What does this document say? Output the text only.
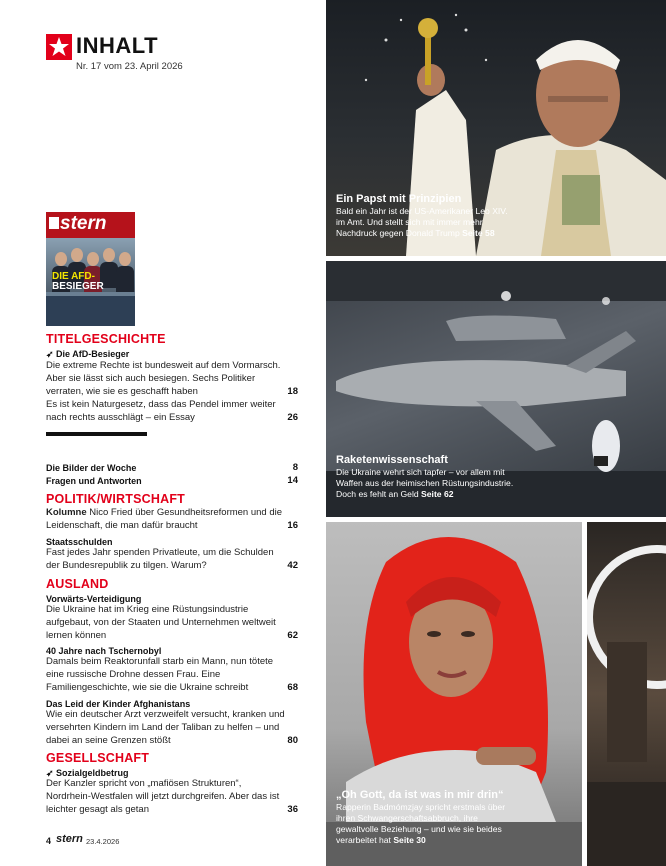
INHALT
Nr. 17 vom 23. April 2026
stern
DIE AFD-
BESIEGER
TITELGESCHICHTE
➶ Die AfD-Besieger
Die extreme Rechte ist bundesweit auf dem Vormarsch. Aber sie lässt sich auch besiegen. Sechs Politiker verraten, wie sie es geschafft haben	18
Es ist kein Naturgesetz, dass das Pendel immer weiter nach rechts ausschlägt – ein Essay	26
Die Bilder der Woche	8
Fragen und Antworten	14
POLITIK/WIRTSCHAFT
Kolumne Nico Fried über Gesundheitsreformen und die Leidenschaft, die man dafür braucht	16
Staatsschulden
Fast jedes Jahr spenden Privatleute, um die Schulden der Bundesrepublik zu tilgen. Warum?	42
AUSLAND
Vorwärts-Verteidigung
Die Ukraine hat im Krieg eine Rüstungsindustrie aufgebaut, von der Staaten und Unternehmen weltweit lernen können	62
40 Jahre nach Tschernobyl
Damals beim Reaktorunfall starb ein Mann, nun tötete eine russische Drohne dessen Frau. Eine Familiengeschichte, wie sie die Ukraine schreibt	68
Das Leid der Kinder Afghanistans
Wie ein deutscher Arzt verzweifelt versucht, kranken und versehrten Kindern im Land der Taliban zu helfen – und dabei an seine Grenzen stößt	80
GESELLSCHAFT
➶ Sozialgeldbetrug
Der Kanzler spricht von „mafiösen Strukturen“, Nordrhein-Westfalen will jetzt durchgreifen. Aber das ist leichter gesagt als getan	36
4 stern 23.4.2026
Ein Papst mit Prinzipien
Bald ein Jahr ist der US-Amerikaner Leo XIV. im Amt. Und stellt sich mit immer mehr Nachdruck gegen Donald Trump Seite 58
Raketenwissenschaft
Die Ukraine wehrt sich tapfer – vor allem mit Waffen aus der heimischen Rüstungsindustrie. Doch es fehlt an Geld Seite 62
„Oh Gott, da ist was in mir drin“
Rapperin Badmómzjay spricht erstmals über ihren Schwangerschaftsabbruch, ihre gewaltvolle Beziehung – und wie sie beides verarbeitet hat Seite 30
